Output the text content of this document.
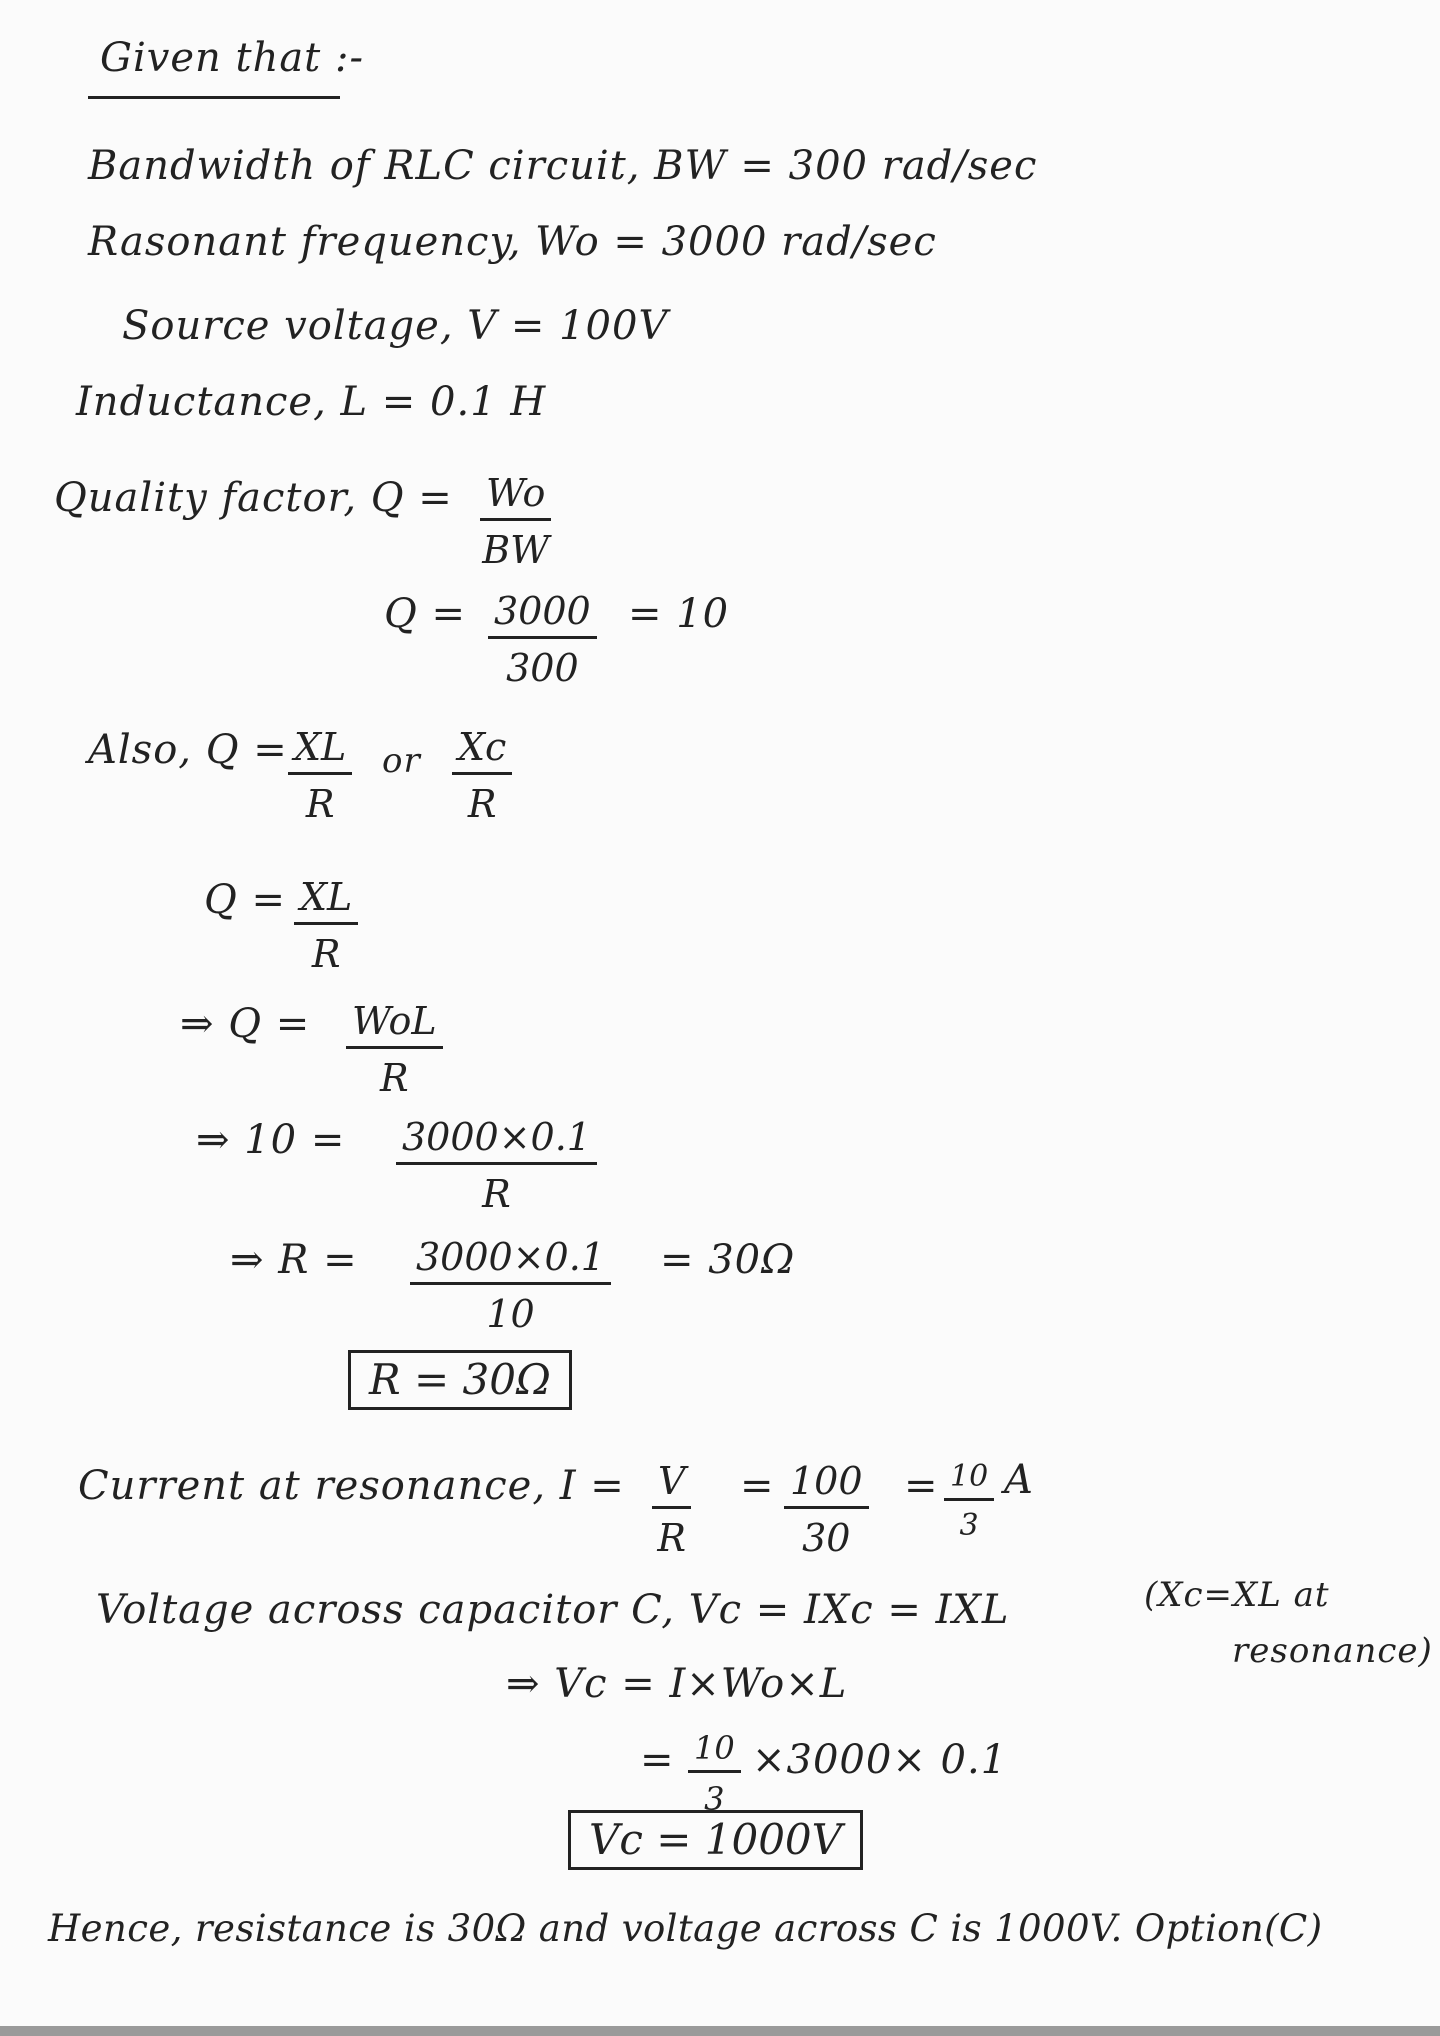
Given that :-
Bandwidth of RLC circuit, BW = 300 rad/sec
Rasonant frequency, Wo = 3000 rad/sec
Source voltage, V = 100V
Inductance, L = 0.1 H
Quality factor, $Q = \frac{Wo}{BW}$
$Q = \frac{3000}{300} = 10$
Also, $Q = \frac{XL}{R}$ or $\frac{Xc}{R}$
$Q = \frac{XL}{R}$
⇒ Q = WoL
R
⇒ $10 = \frac{3000\times 0.1}{R}$
⇒ $R = \frac{3000\times 0.1}{10} = 30\Omega$
R = 30Ω
Current at resonance, $I = \frac{V}{R} = \frac{100}{30} = \frac{10}{3}$ A
Voltage across capacitor C, Vc = IXc = IXL	(Xc=XL at
resonance)
⇒ Vc = I×Wo×L
= $\frac{10}{3} \times 3000\times 0.1$
Vc = 1000V
Hence, resistance is 30Ω and voltage across C is 1000V. Option(C)
